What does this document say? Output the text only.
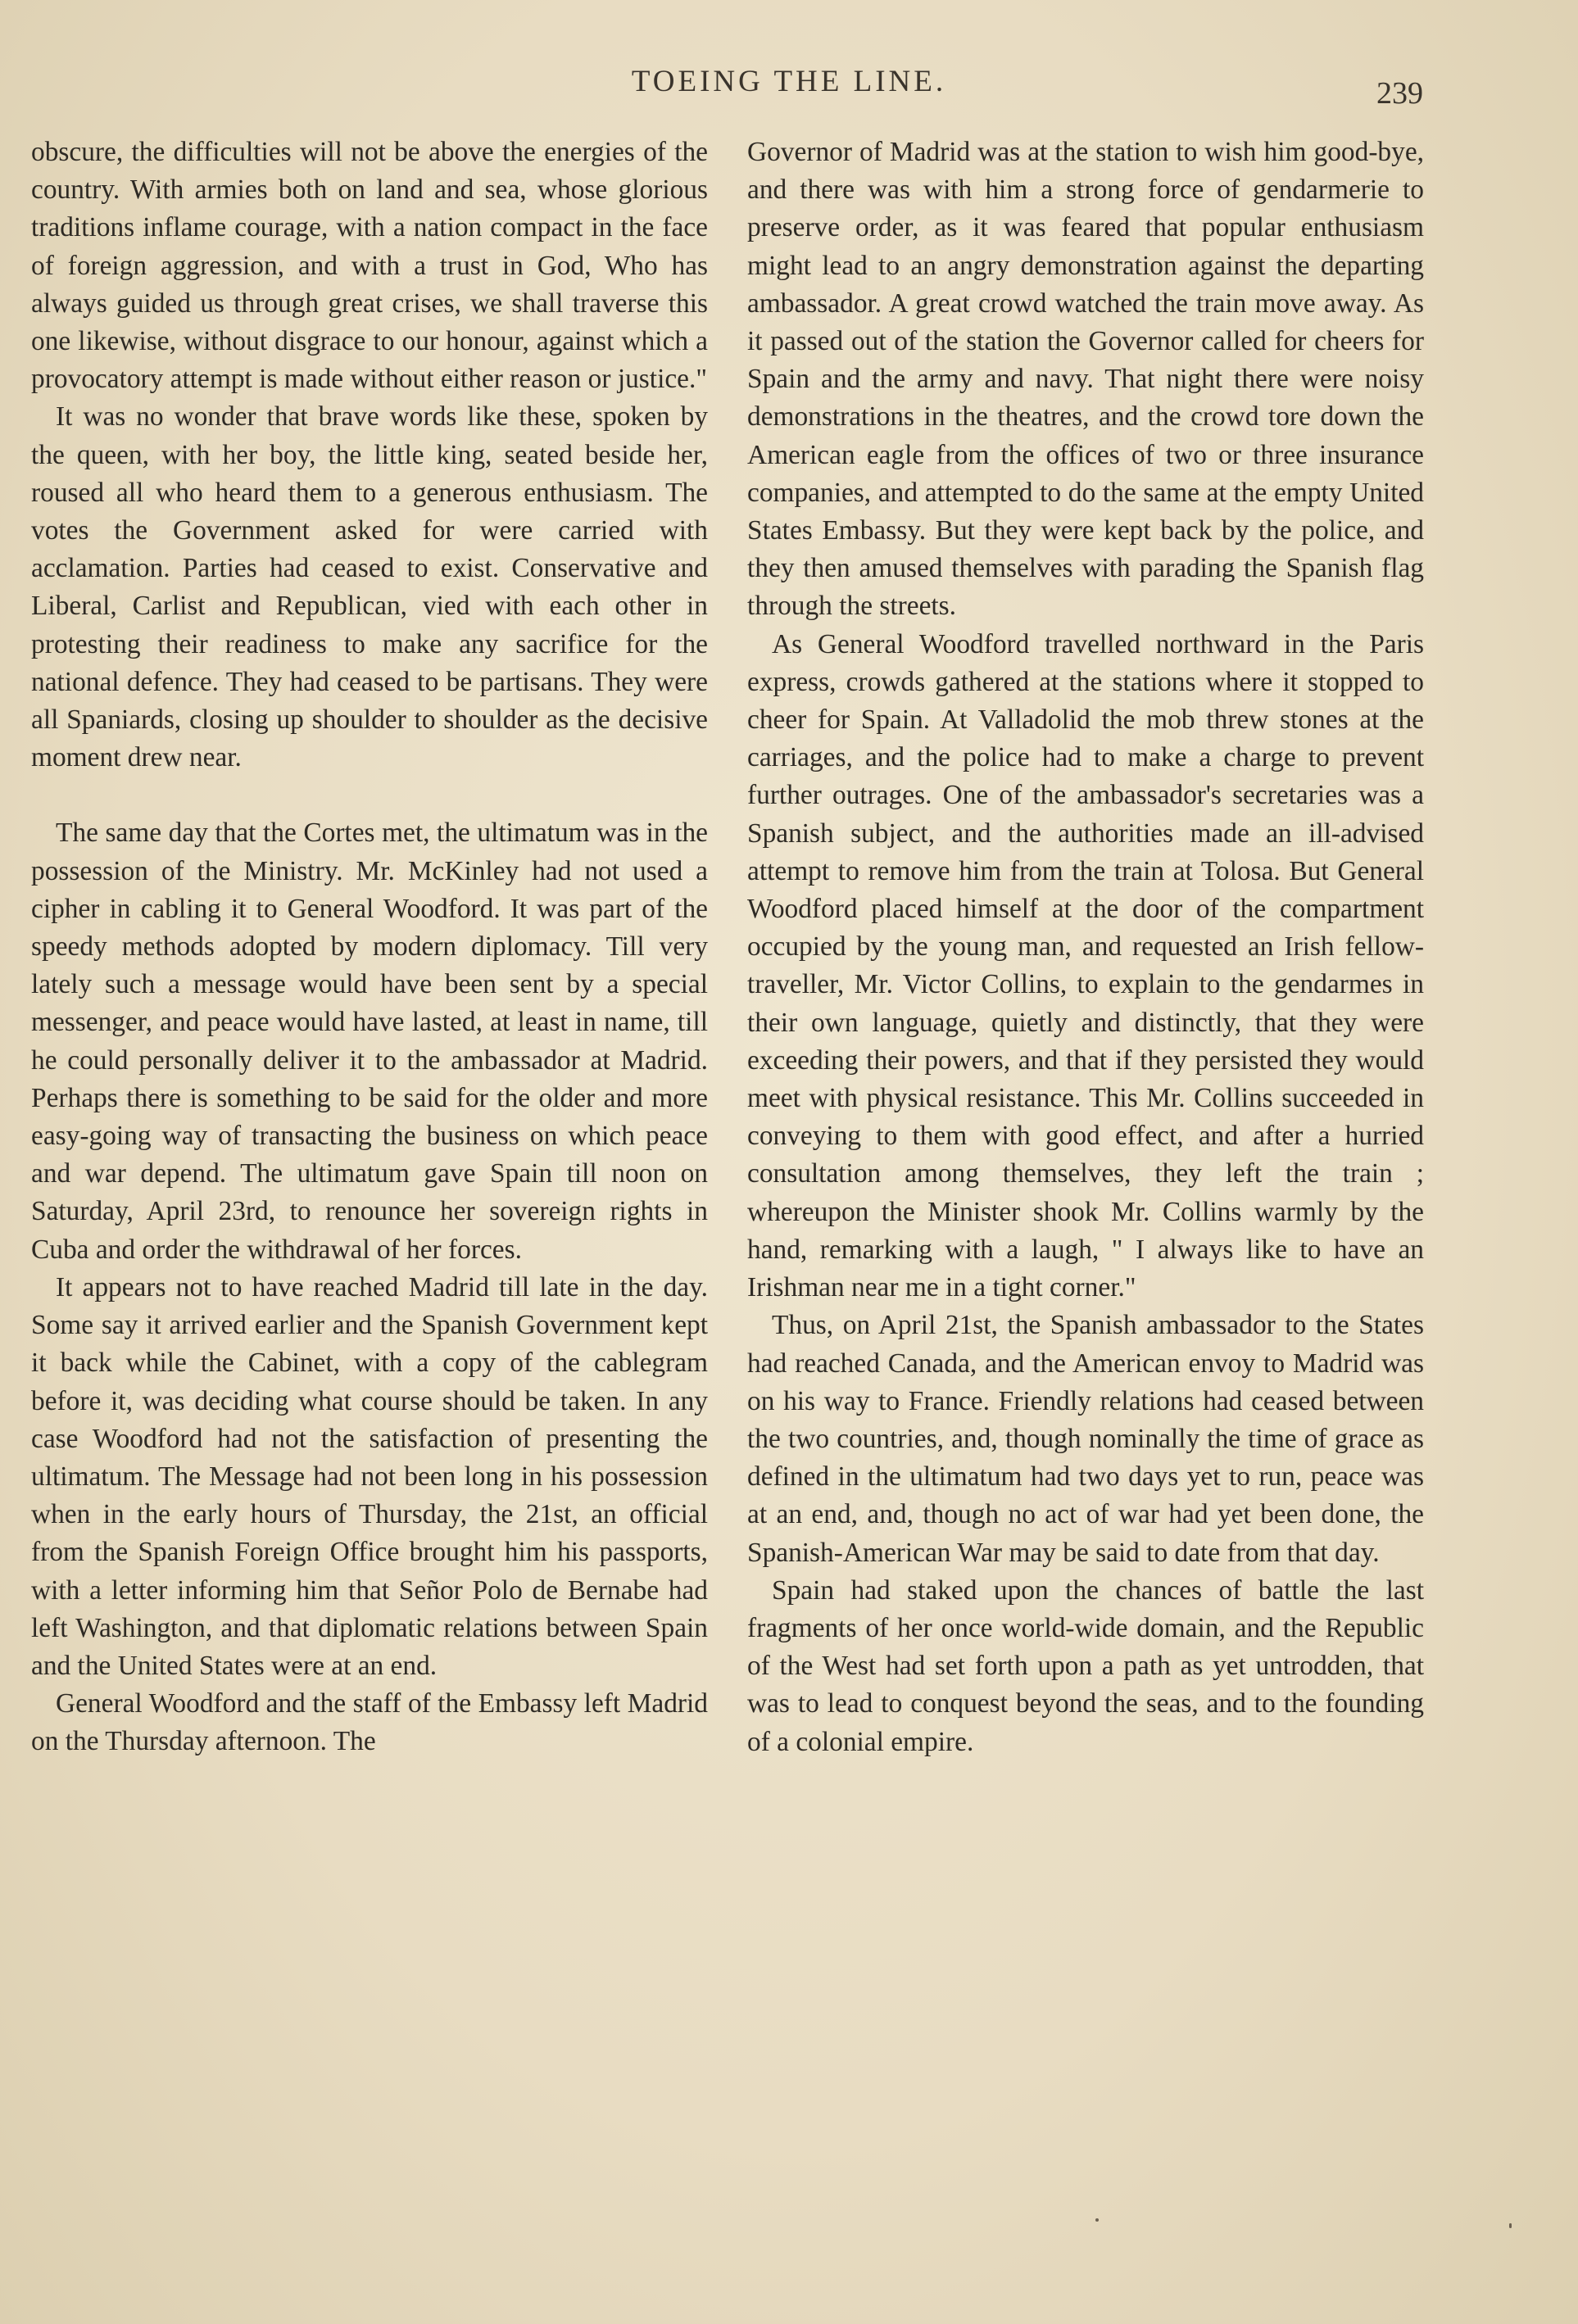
TOEING THE LINE.	239

obscure, the difficulties will not be above the energies of the country. With armies both on land and sea, whose glorious traditions inflame courage, with a nation compact in the face of foreign aggression, and with a trust in God, Who has always guided us through great crises, we shall traverse this one likewise, without disgrace to our honour, against which a provocatory attempt is made without either reason or justice."

It was no wonder that brave words like these, spoken by the queen, with her boy, the little king, seated beside her, roused all who heard them to a generous enthusiasm. The votes the Government asked for were carried with acclamation. Parties had ceased to exist. Conservative and Liberal, Carlist and Republican, vied with each other in protesting their readiness to make any sacrifice for the national defence. They had ceased to be partisans. They were all Spaniards, closing up shoulder to shoulder as the decisive moment drew near.

The same day that the Cortes met, the ultimatum was in the possession of the Ministry. Mr. McKinley had not used a cipher in cabling it to General Woodford. It was part of the speedy methods adopted by modern diplomacy. Till very lately such a message would have been sent by a special messenger, and peace would have lasted, at least in name, till he could personally deliver it to the ambassador at Madrid. Perhaps there is something to be said for the older and more easy-going way of transacting the business on which peace and war depend. The ultimatum gave Spain till noon on Saturday, April 23rd, to renounce her sovereign rights in Cuba and order the withdrawal of her forces.

It appears not to have reached Madrid till late in the day. Some say it arrived earlier and the Spanish Government kept it back while the Cabinet, with a copy of the cablegram before it, was deciding what course should be taken. In any case Woodford had not the satisfaction of presenting the ultimatum. The Message had not been long in his possession when in the early hours of Thursday, the 21st, an official from the Spanish Foreign Office brought him his passports, with a letter informing him that Señor Polo de Bernabe had left Washington, and that diplomatic relations between Spain and the United States were at an end.

General Woodford and the staff of the Embassy left Madrid on the Thursday afternoon. The

Governor of Madrid was at the station to wish him good-bye, and there was with him a strong force of gendarmerie to preserve order, as it was feared that popular enthusiasm might lead to an angry demonstration against the departing ambassador. A great crowd watched the train move away. As it passed out of the station the Governor called for cheers for Spain and the army and navy. That night there were noisy demonstrations in the theatres, and the crowd tore down the American eagle from the offices of two or three insurance companies, and attempted to do the same at the empty United States Embassy. But they were kept back by the police, and they then amused themselves with parading the Spanish flag through the streets.

As General Woodford travelled northward in the Paris express, crowds gathered at the stations where it stopped to cheer for Spain. At Valladolid the mob threw stones at the carriages, and the police had to make a charge to prevent further outrages. One of the ambassador's secretaries was a Spanish subject, and the authorities made an ill-advised attempt to remove him from the train at Tolosa. But General Woodford placed himself at the door of the compartment occupied by the young man, and requested an Irish fellow-traveller, Mr. Victor Collins, to explain to the gendarmes in their own language, quietly and distinctly, that they were exceeding their powers, and that if they persisted they would meet with physical resistance. This Mr. Collins succeeded in conveying to them with good effect, and after a hurried consultation among themselves, they left the train ; whereupon the Minister shook Mr. Collins warmly by the hand, remarking with a laugh, " I always like to have an Irishman near me in a tight corner."

Thus, on April 21st, the Spanish ambassador to the States had reached Canada, and the American envoy to Madrid was on his way to France. Friendly relations had ceased between the two countries, and, though nominally the time of grace as defined in the ultimatum had two days yet to run, peace was at an end, and, though no act of war had yet been done, the Spanish-American War may be said to date from that day.

Spain had staked upon the chances of battle the last fragments of her once world-wide domain, and the Republic of the West had set forth upon a path as yet untrodden, that was to lead to conquest beyond the seas, and to the founding of a colonial empire.
